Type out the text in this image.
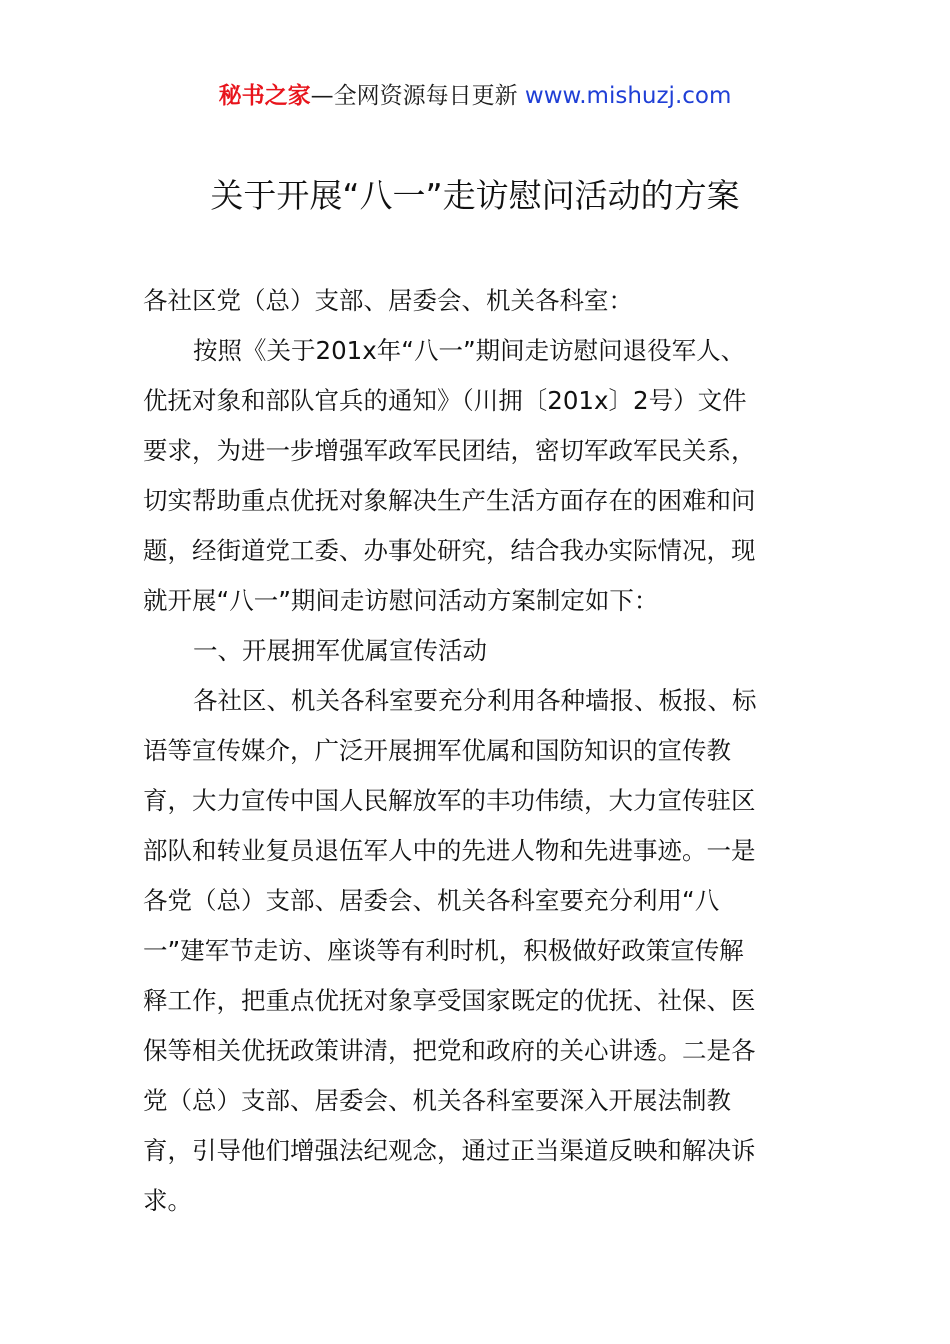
秘书之家—全网资源每日更新 www.mishuzj.com
关于开展“八一”走访慰问活动的方案
各社区党（总）支部、居委会、机关各科室：
按照《关于201x年“八一”期间走访慰问退役军人、
优抚对象和部队官兵的通知》（川拥〔201x〕2号）文件
要求，为进一步增强军政军民团结，密切军政军民关系，
切实帮助重点优抚对象解决生产生活方面存在的困难和问
题，经街道党工委、办事处研究，结合我办实际情况，现
就开展“八一”期间走访慰问活动方案制定如下：
一、开展拥军优属宣传活动
各社区、机关各科室要充分利用各种墙报、板报、标
语等宣传媒介，广泛开展拥军优属和国防知识的宣传教
育，大力宣传中国人民解放军的丰功伟绩，大力宣传驻区
部队和转业复员退伍军人中的先进人物和先进事迹。一是
各党（总）支部、居委会、机关各科室要充分利用“八
一”建军节走访、座谈等有利时机，积极做好政策宣传解
释工作，把重点优抚对象享受国家既定的优抚、社保、医
保等相关优抚政策讲清，把党和政府的关心讲透。二是各
党（总）支部、居委会、机关各科室要深入开展法制教
育，引导他们增强法纪观念，通过正当渠道反映和解决诉
求。
